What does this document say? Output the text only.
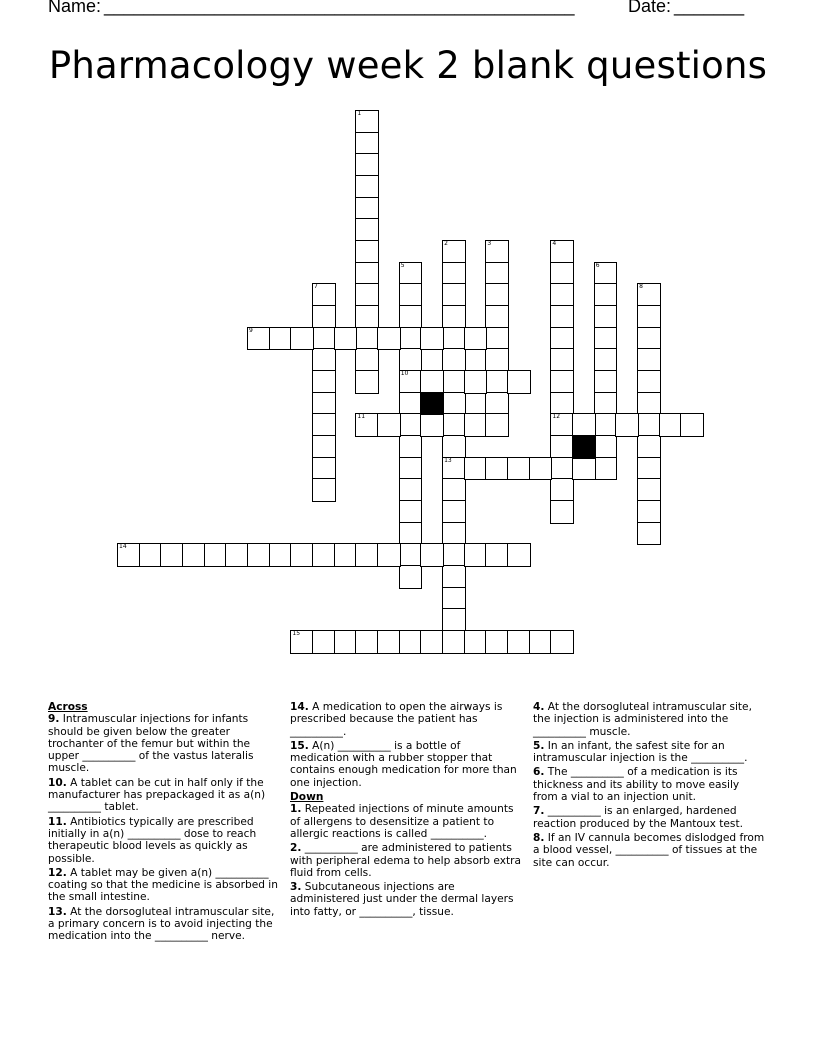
Name: _______________________________________________	Date: _______
Pharmacology week 2 blank questions
1
2
13
3	4
12
5
10
6
7	8
9
11
14
15
Across
9. Intramuscular injections for infants should be given below the greater trochanter of the femur but within the upper __________ of the vastus lateralis muscle.
10. A tablet can be cut in half only if the manufacturer has prepackaged it as a(n) __________ tablet.
11. Antibiotics typically are prescribed initially in a(n) __________ dose to reach therapeutic blood levels as quickly as possible.
12. A tablet may be given a(n) __________ coating so that the medicine is absorbed in the small intestine.
13. At the dorsogluteal intramuscular site, a primary concern is to avoid injecting the medication into the __________ nerve.
14. A medication to open the airways is prescribed because the patient has __________.
15. A(n) __________ is a bottle of medication with a rubber stopper that contains enough medication for more than one injection.
Down
1. Repeated injections of minute amounts of allergens to desensitize a patient to allergic reactions is called __________.
2. __________ are administered to patients with peripheral edema to help absorb extra fluid from cells.
3. Subcutaneous injections are administered just under the dermal layers into fatty, or __________, tissue.
4. At the dorsogluteal intramuscular site, the injection is administered into the __________ muscle.
5. In an infant, the safest site for an intramuscular injection is the __________.
6. The __________ of a medication is its thickness and its ability to move easily from a vial to an injection unit.
7. __________ is an enlarged, hardened reaction produced by the Mantoux test.
8. If an IV cannula becomes dislodged from a blood vessel, __________ of tissues at the site can occur.
